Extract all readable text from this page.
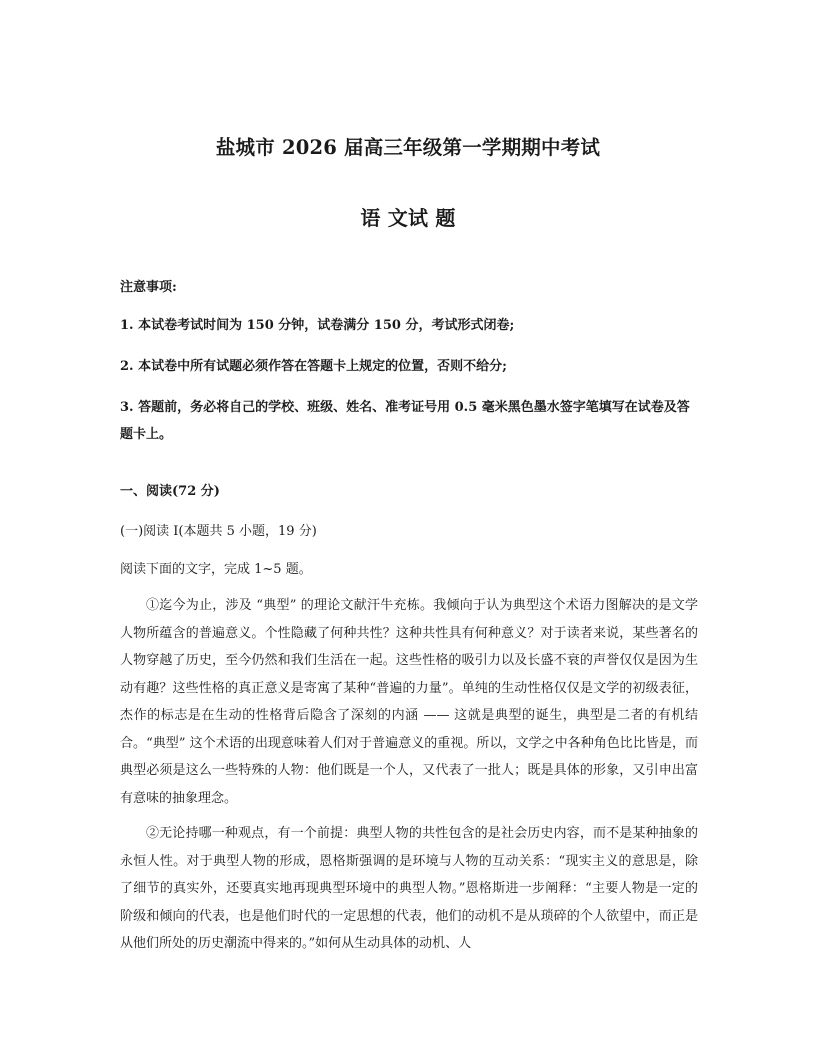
盐城市 2026 届高三年级第一学期期中考试
语 文试 题
注意事项:
1. 本试卷考试时间为 150 分钟，试卷满分 150 分，考试形式闭卷;
2. 本试卷中所有试题必须作答在答题卡上规定的位置，否则不给分;
3. 答题前，务必将自己的学校、班级、姓名、准考证号用 0.5 毫米黑色墨水签字笔填写在试卷及答题卡上。
一、阅读(72 分)
(一)阅读 I(本题共 5 小题，19 分)
阅读下面的文字，完成 1~5 题。
①迄今为止，涉及 “典型” 的理论文献汗牛充栋。我倾向于认为典型这个术语力图解决的是文学人物所蕴含的普遍意义。个性隐藏了何种共性？这种共性具有何种意义？对于读者来说，某些著名的人物穿越了历史，至今仍然和我们生活在一起。这些性格的吸引力以及长盛不衰的声誉仅仅是因为生动有趣？这些性格的真正意义是寄寓了某种“普遍的力量”。单纯的生动性格仅仅是文学的初级表征，杰作的标志是在生动的性格背后隐含了深刻的内涵 —— 这就是典型的诞生，典型是二者的有机结合。“典型” 这个术语的出现意味着人们对于普遍意义的重视。所以，文学之中各种角色比比皆是，而典型必须是这么一些特殊的人物：他们既是一个人，又代表了一批人；既是具体的形象，又引申出富有意味的抽象理念。
②无论持哪一种观点，有一个前提：典型人物的共性包含的是社会历史内容，而不是某种抽象的永恒人性。对于典型人物的形成，恩格斯强调的是环境与人物的互动关系：“现实主义的意思是，除了细节的真实外，还要真实地再现典型环境中的典型人物。”恩格斯进一步阐释：“主要人物是一定的阶级和倾向的代表，也是他们时代的一定思想的代表，他们的动机不是从琐碎的个人欲望中，而正是从他们所处的历史潮流中得来的。”如何从生动具体的动机、人
